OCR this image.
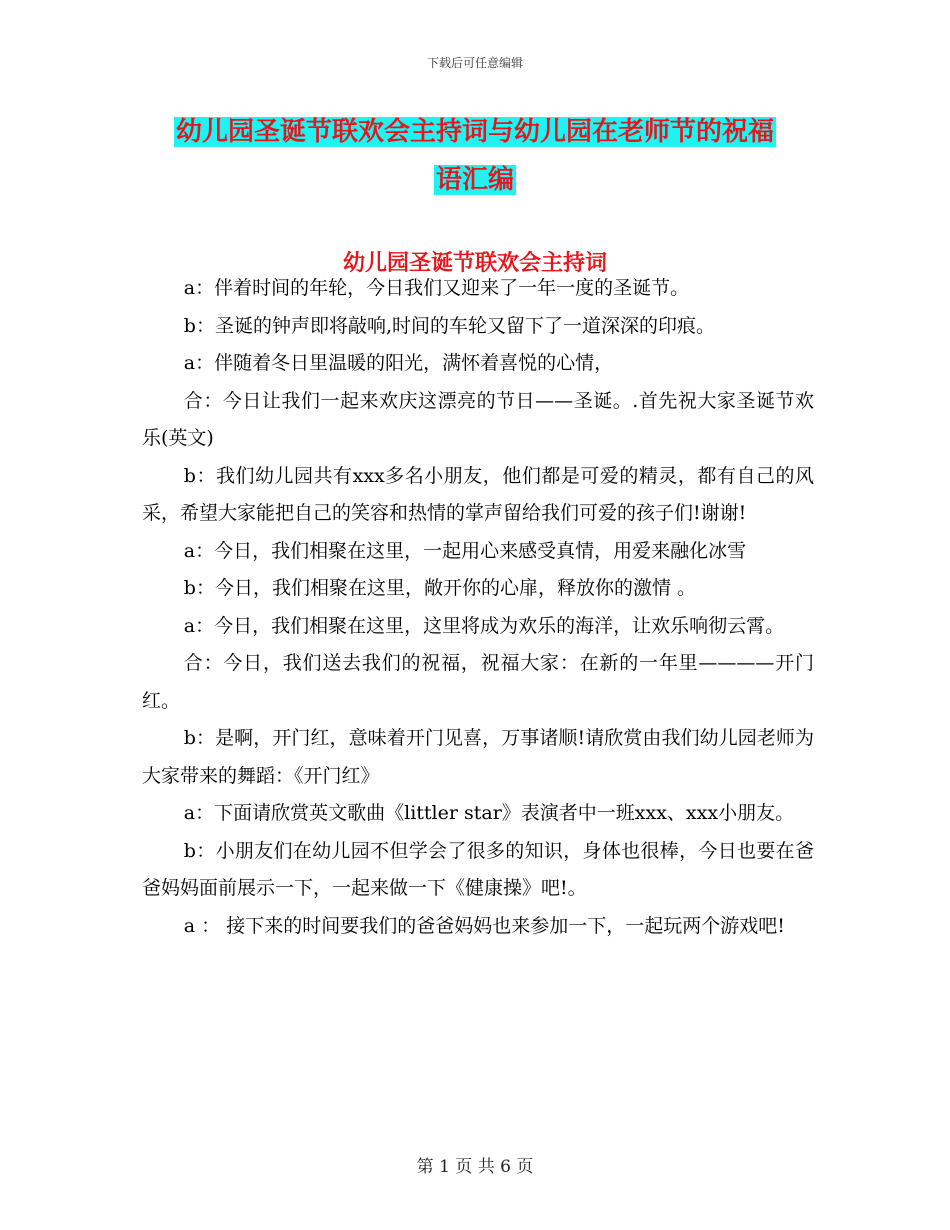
下载后可任意编辑
幼儿园圣诞节联欢会主持词与幼儿园在老师节的祝福
语汇编
幼儿园圣诞节联欢会主持词

a：伴着时间的年轮，今日我们又迎来了一年一度的圣诞节。

b：圣诞的钟声即将敲响,时间的车轮又留下了一道深深的印痕。

a：伴随着冬日里温暖的阳光，满怀着喜悦的心情，

合：今日让我们一起来欢庆这漂亮的节日——圣诞。.首先祝大家圣诞节欢乐(英文)

b：我们幼儿园共有xxx多名小朋友，他们都是可爱的精灵，都有自己的风采，希望大家能把自己的笑容和热情的掌声留给我们可爱的孩子们!谢谢!

a：今日，我们相聚在这里，一起用心来感受真情，用爱来融化冰雪

b：今日，我们相聚在这里，敞开你的心扉，释放你的激情 。

a：今日，我们相聚在这里，这里将成为欢乐的海洋，让欢乐响彻云霄。

合：今日，我们送去我们的祝福，祝福大家：在新的一年里————开门红。

b：是啊，开门红，意味着开门见喜，万事诸顺!请欣赏由我们幼儿园老师为大家带来的舞蹈：《开门红》

a：下面请欣赏英文歌曲《littler star》表演者中一班xxx、xxx小朋友。

b：小朋友们在幼儿园不但学会了很多的知识，身体也很棒，今日也要在爸爸妈妈面前展示一下，一起来做一下《健康操》吧!。

a ： 接下来的时间要我们的爸爸妈妈也来参加一下，一起玩两个游戏吧!

第 1 页 共 6 页
